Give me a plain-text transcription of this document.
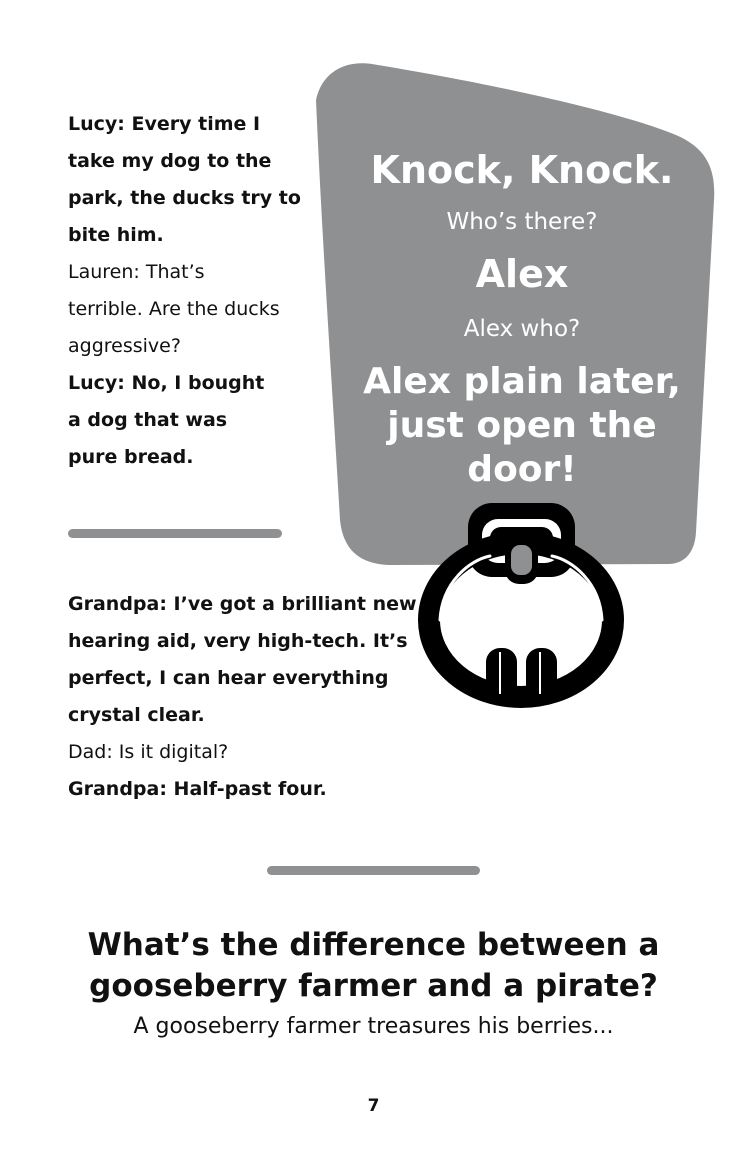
Lucy: Every time I
take my dog to the
park, the ducks try to
bite him.
Lauren: That’s
terrible. Are the ducks
aggressive?
Lucy: No, I bought
a dog that was
pure bread.
Knock, Knock.
Who’s there?
Alex
Alex who?
Alex plain later,
just open the
door!
Grandpa: I’ve got a brilliant new
hearing aid, very high-tech. It’s
perfect, I can hear everything
crystal clear.
Dad: Is it digital?
Grandpa: Half-past four.
What’s the difference between a
gooseberry farmer and a pirate?
A gooseberry farmer treasures his berries...
7
